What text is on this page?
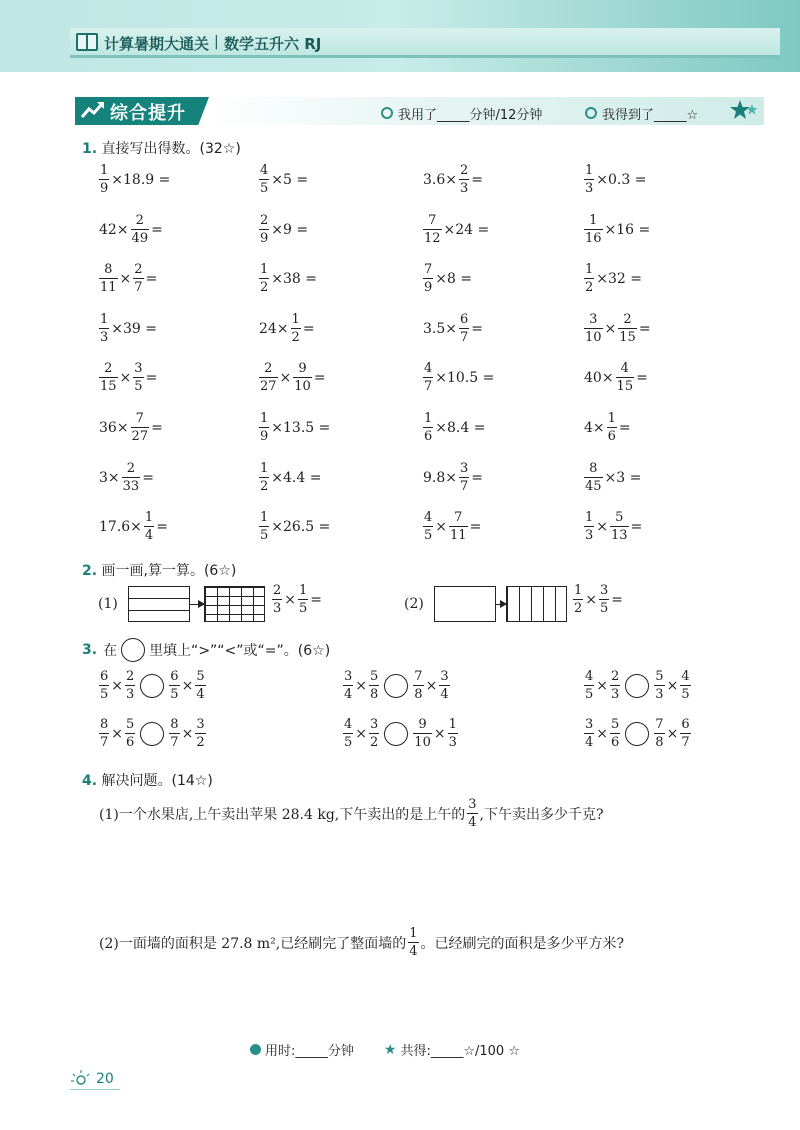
计算暑期大通关 | 数学五升六 RJ
综合提升	我用了_____分钟/12分钟	我得到了_____☆
1. 直接写出得数。(32☆)
$\frac{1}{9} \times 18.9$ =	$\frac{4}{5} \times 5$ =	$3.6\times \frac{2}{3}$ =	$\frac{1}{3} \times 0.3$ =
$42\times \frac{2}{49}$ =	$\frac{2}{9} \times 9$ =	$\frac{7}{12} \times 24$ =	$\frac{1}{16} \times 16$ =
$\frac{8}{11} \times \frac{2}{7}$ =	$\frac{1}{2} \times 38$ =	$\frac{7}{9} \times 8$ =	$\frac{1}{2} \times 32$ =
$\frac{1}{3} \times 39$ =	$24\times \frac{1}{2}$ =	$3.5\times \frac{6}{7}$ =	$\frac{3}{10} \times \frac{2}{15}$ =
$\frac{2}{15} \times \frac{3}{5}$ =	$\frac{2}{27} \times \frac{9}{10}$ =	$\frac{4}{7} \times 10.5$ =	$40\times \frac{4}{15}$ =
$36\times \frac{7}{27}$ =	$\frac{1}{9} \times 13.5$ =	$\frac{1}{6} \times 8.4$ =	$4\times \frac{1}{6}$ =
$3\times \frac{2}{33}$ =	$\frac{1}{2} \times 4.4$ =	$9.8\times \frac{3}{7}$ =	$\frac{8}{45} \times 3$ =
$17.6\times \frac{1}{4}$ =	$\frac{1}{5} \times 26.5$ =	$\frac{4}{5} \times \frac{7}{11}$ =	$\frac{1}{3} \times \frac{5}{13}$ =
2. 画一画,算一算。(6☆)
(1)	$\frac{2}{3} \times \frac{1}{5}$ =	(2)	$\frac{1}{2} \times \frac{3}{5}$ =
3. 在 里填上“>”“<”或“=”。(6☆)
$\frac{6}{5} \times \frac{2}{3}$	$\frac{6}{5} \times \frac{5}{4}$	$\frac{3}{4} \times \frac{5}{8}$	$\frac{7}{8} \times \frac{3}{4}$	$\frac{4}{5} \times \frac{2}{3}$	$\frac{5}{3} \times \frac{4}{5}$
$\frac{8}{7} \times \frac{5}{6}$	$\frac{8}{7} \times \frac{3}{2}$	$\frac{4}{5} \times \frac{3}{2}$	$\frac{9}{10} \times \frac{1}{3}$	$\frac{3}{4} \times \frac{5}{6}$	$\frac{7}{8} \times \frac{6}{7}$
4. 解决问题。(14☆)
(1)一个水果店,上午卖出苹果 28.4 kg,下午卖出的是上午的 $\frac{3}{4}$ ,下午卖出多少千克?
(2)一面墙的面积是 27.8 m²,已经刷完了整面墙的 $\frac{1}{4}$ 。已经刷完的面积是多少平方米?
用时:_____分钟 ★ 共得:_____☆/100 ☆
20
